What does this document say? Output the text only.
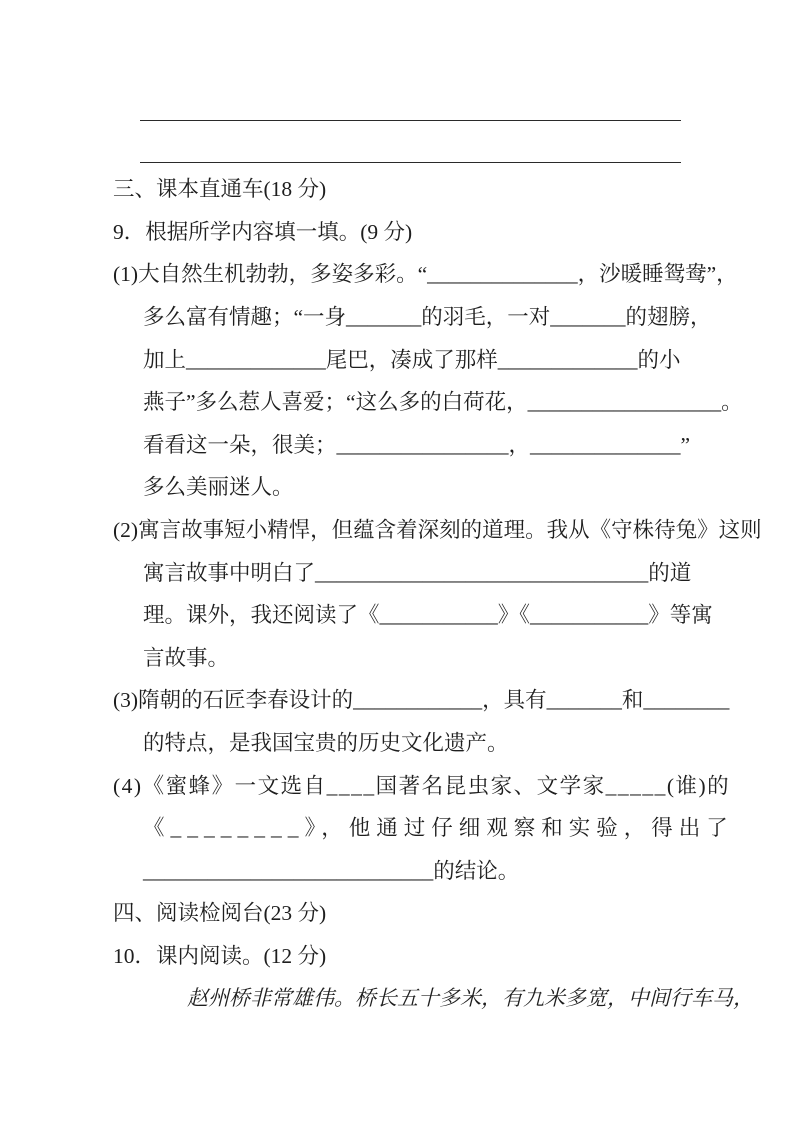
三、课本直通车(18 分)
9．根据所学内容填一填。(9 分)
(1)大自然生机勃勃，多姿多彩。“______________，沙暖睡鸳鸯”，
多么富有情趣；“一身_______的羽毛，一对_______的翅膀，
加上_____________尾巴，凑成了那样_____________的小
燕子”多么惹人喜爱；“这么多的白荷花，__________________。
看看这一朵，很美；________________，______________”
多么美丽迷人。
(2)寓言故事短小精悍，但蕴含着深刻的道理。我从《守株待兔》这则
寓言故事中明白了_______________________________的道
理。课外，我还阅读了《___________》《___________》等寓
言故事。
(3)隋朝的石匠李春设计的____________，具有_______和________
的特点，是我国宝贵的历史文化遗产。
(4)《蜜蜂》一文选自____国著名昆虫家、文学家_____(谁)的
《________》，他通过仔细观察和实验，得出了
___________________________的结论。
四、阅读检阅台(23 分)
10．课内阅读。(12 分)
赵州桥非常雄伟。桥长五十多米，有九米多宽，中间行车马，
